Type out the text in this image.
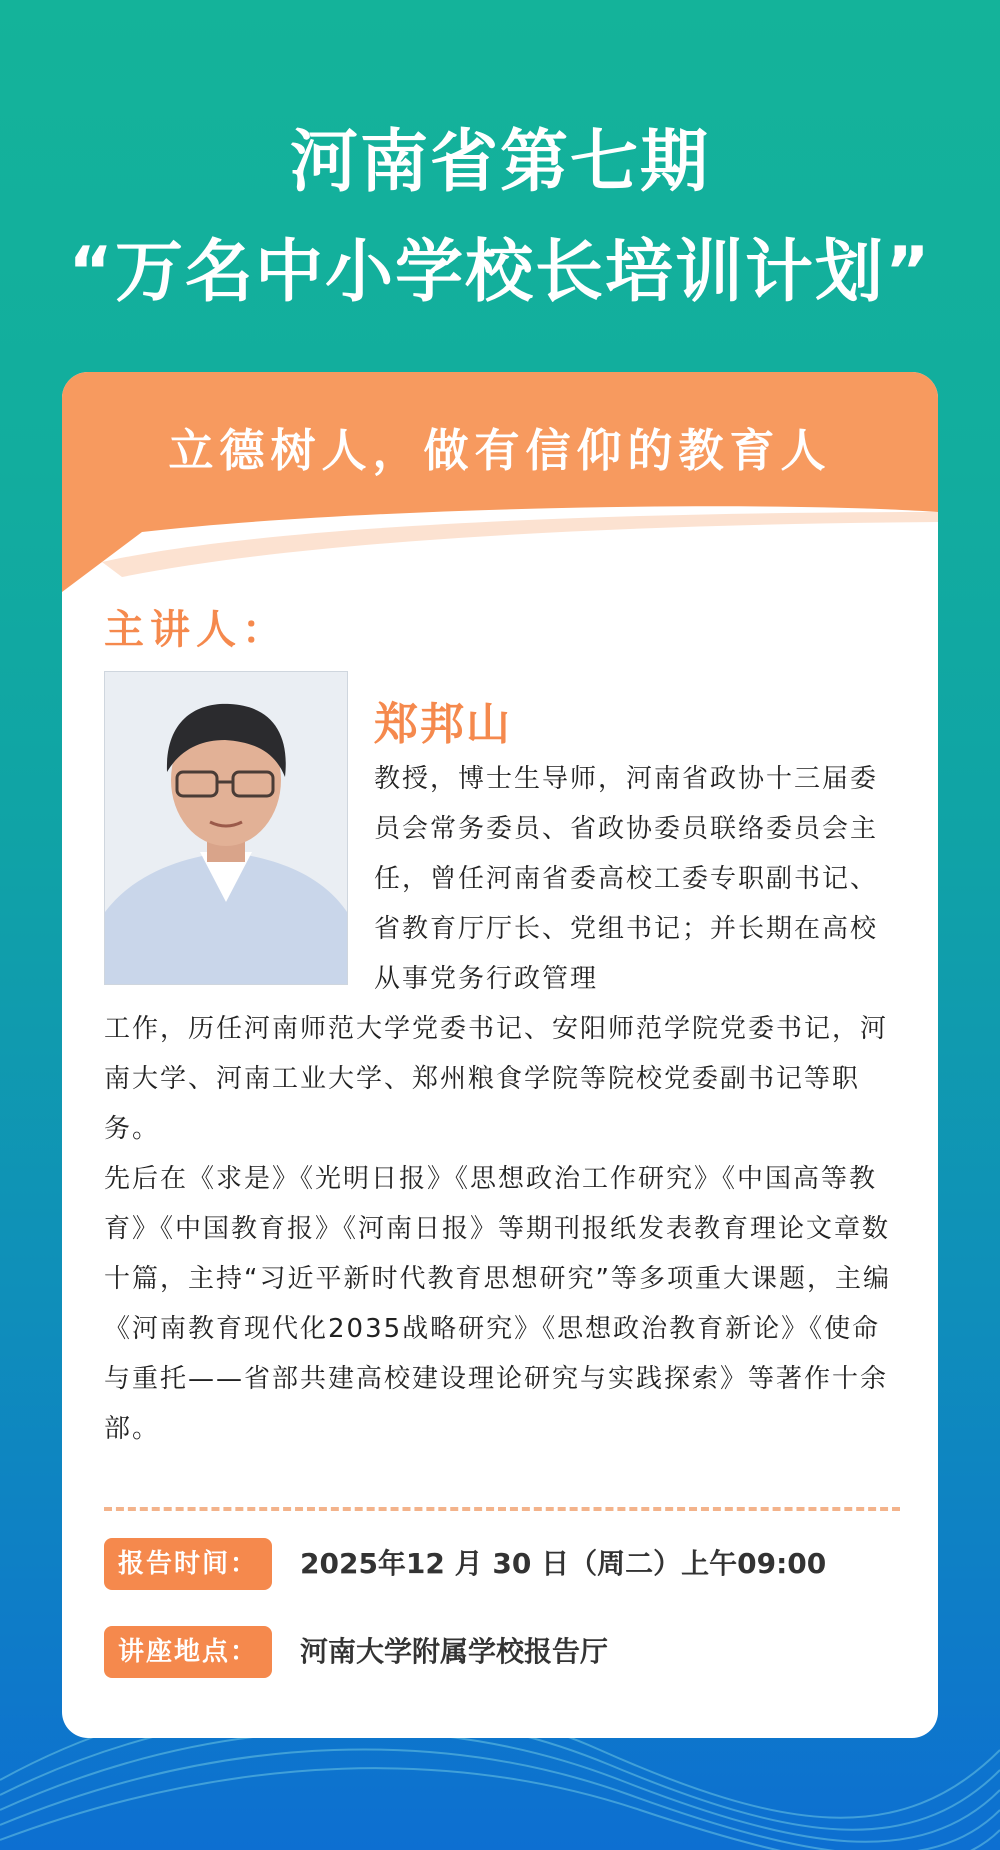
河南省第七期
“万名中小学校长培训计划”

立德树人，做有信仰的教育人

主讲人：

郑邦山

教授，博士生导师，河南省政协十三届委员会常务委员、省政协委员联络委员会主任，曾任河南省委高校工委专职副书记、省教育厅厅长、党组书记；并长期在高校从事党务行政管理

工作，历任河南师范大学党委书记、安阳师范学院党委书记，河南大学、河南工业大学、郑州粮食学院等院校党委副书记等职务。

先后在《求是》《光明日报》《思想政治工作研究》《中国高等教育》《中国教育报》《河南日报》等期刊报纸发表教育理论文章数十篇，主持“习近平新时代教育思想研究”等多项重大课题，主编《河南教育现代化2035战略研究》《思想政治教育新论》《使命与重托——省部共建高校建设理论研究与实践探索》等著作十余部。

报告时间：	2025年12 月 30 日（周二）上午09:00
讲座地点：	河南大学附属学校报告厅
